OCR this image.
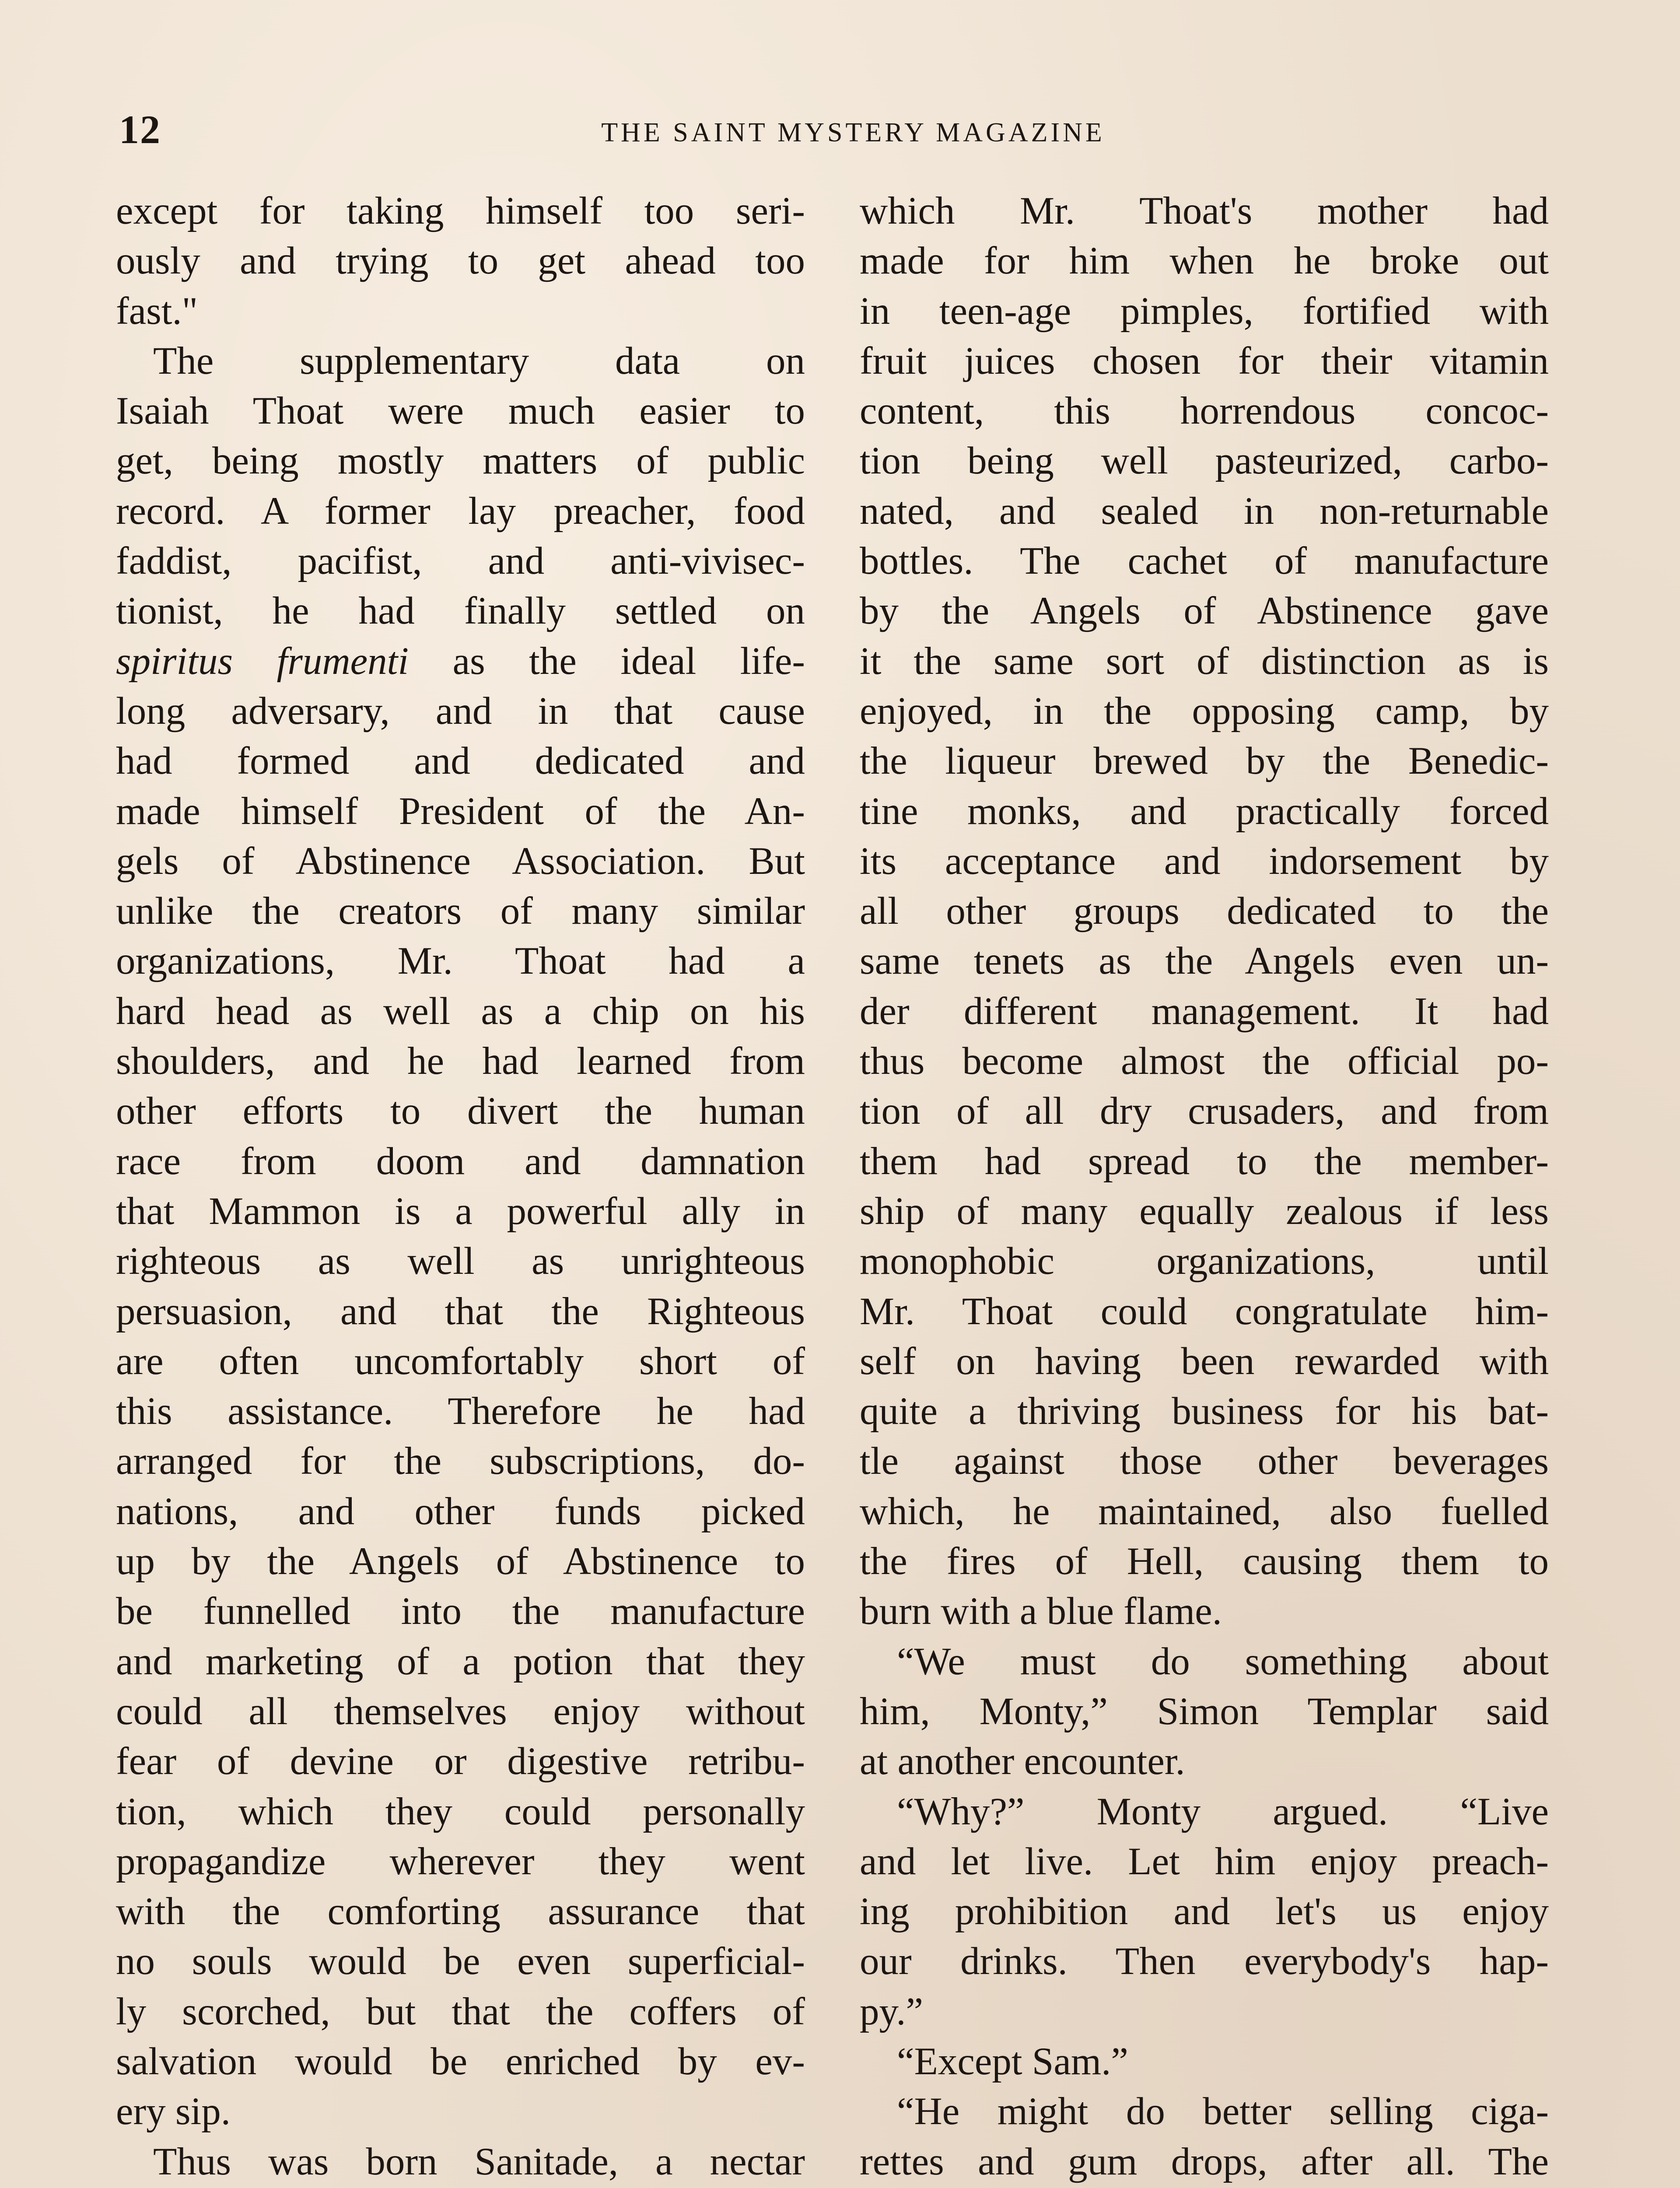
12	THE SAINT MYSTERY MAGAZINE
except for taking himself too seri-
ously and trying to get ahead too
fast."
The supplementary data on
Isaiah Thoat were much easier to
get, being mostly matters of public
record. A former lay preacher, food
faddist, pacifist, and anti-vivisec-
tionist, he had finally settled on
spiritus frumenti as the ideal life-
long adversary, and in that cause
had formed and dedicated and
made himself President of the An-
gels of Abstinence Association. But
unlike the creators of many similar
organizations, Mr. Thoat had a
hard head as well as a chip on his
shoulders, and he had learned from
other efforts to divert the human
race from doom and damnation
that Mammon is a powerful ally in
righteous as well as unrighteous
persuasion, and that the Righteous
are often uncomfortably short of
this assistance. Therefore he had
arranged for the subscriptions, do-
nations, and other funds picked
up by the Angels of Abstinence to
be funnelled into the manufacture
and marketing of a potion that they
could all themselves enjoy without
fear of devine or digestive retribu-
tion, which they could personally
propagandize wherever they went
with the comforting assurance that
no souls would be even superficial-
ly scorched, but that the coffers of
salvation would be enriched by ev-
ery sip.
Thus was born Sanitade, a nectar
which Mr. Thoat's mother had
made for him when he broke out
in teen-age pimples, fortified with
fruit juices chosen for their vitamin
content, this horrendous concoc-
tion being well pasteurized, carbo-
nated, and sealed in non-returnable
bottles. The cachet of manufacture
by the Angels of Abstinence gave
it the same sort of distinction as is
enjoyed, in the opposing camp, by
the liqueur brewed by the Benedic-
tine monks, and practically forced
its acceptance and indorsement by
all other groups dedicated to the
same tenets as the Angels even un-
der different management. It had
thus become almost the official po-
tion of all dry crusaders, and from
them had spread to the member-
ship of many equally zealous if less
monophobic organizations, until
Mr. Thoat could congratulate him-
self on having been rewarded with
quite a thriving business for his bat-
tle against those other beverages
which, he maintained, also fuelled
the fires of Hell, causing them to
burn with a blue flame.
“We must do something about
him, Monty,” Simon Templar said
at another encounter.
“Why?” Monty argued. “Live
and let live. Let him enjoy preach-
ing prohibition and let's us enjoy
our drinks. Then everybody's hap-
py.”
“Except Sam.”
“He might do better selling ciga-
rettes and gum drops, after all. The
